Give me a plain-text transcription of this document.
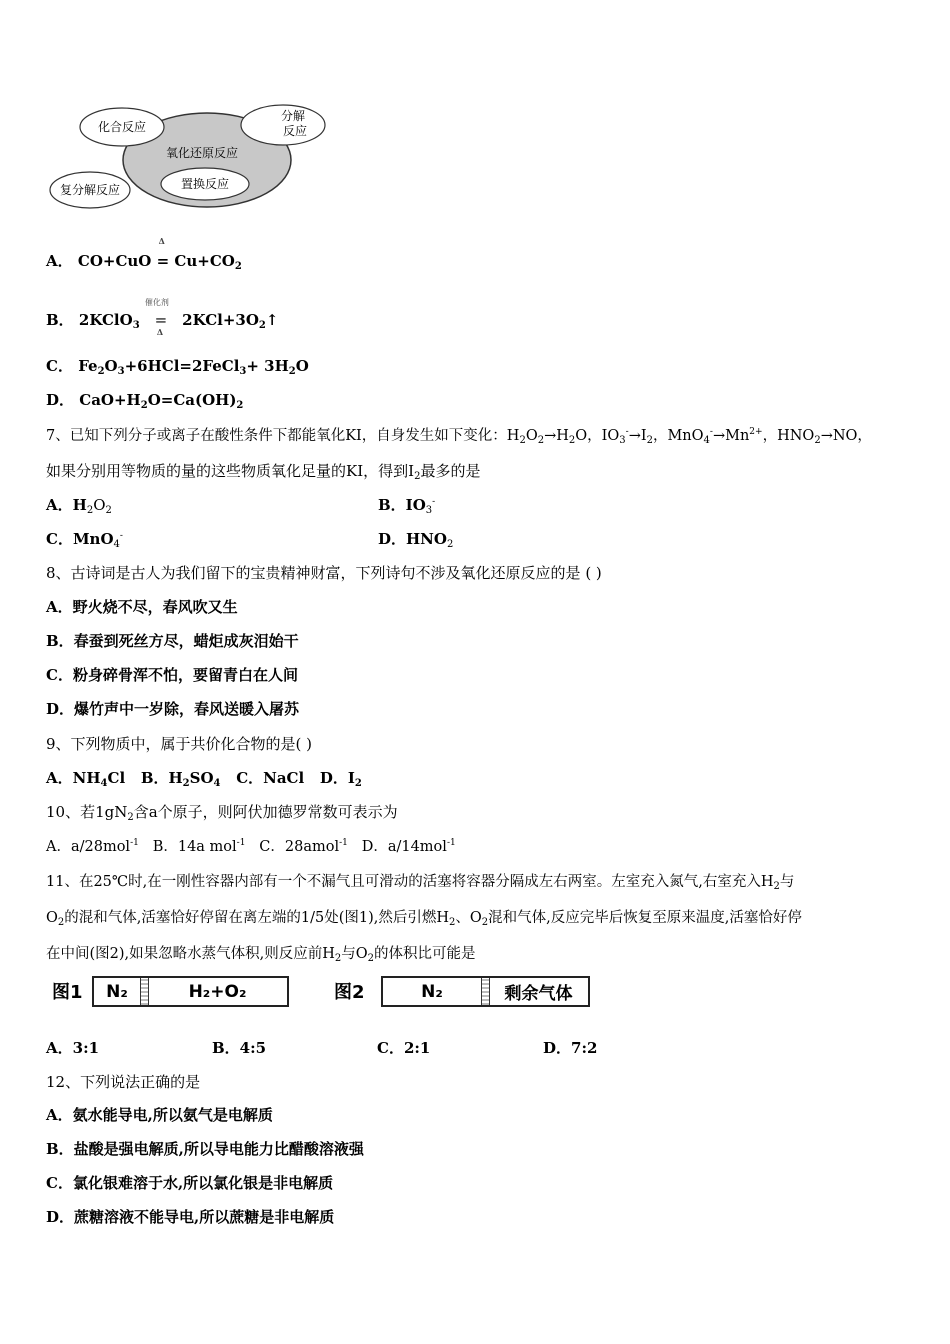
化合反应
分解
反应
氧化还原反应
置换反应
复分解反应
A． CO+CuO
Δ
= $Cu+CO_2$
B． 2KClO$_3$
催化剂
=
Δ
$2KCl+3O_2↑$
C． $Fe_2O_3+6HCl=2FeCl_3+ 3H_2O$
D． $CaO+H_2O=Ca(OH)_2$
7、已知下列分子或离子在酸性条件下都能氧化KI，自身发生如下变化：$H_2O_2\to H_2O$，$IO_3^-\to I_2$，$MnO_4^-\to Mn^{2+}$，$HNO_2\to NO$，
如果分别用等物质的量的这些物质氧化足量的KI，得到$I_2$最多的是
A．$H_2O_2$	B．$IO_3^-$
C．MnO$_4$-	D．$HNO_2$
8、古诗词是古人为我们留下的宝贵精神财富，下列诗句不涉及氧化还原反应的是 ( )
A．野火烧不尽，春风吹又生
B．春蚕到死丝方尽，蜡炬成灰泪始干
C．粉身碎骨浑不怕，要留青白在人间
D．爆竹声中一岁除，春风送暖入屠苏
9、下列物质中，属于共价化合物的是( )
A．$NH_4Cl$ B．$H_2SO_4$ C．NaCl D．$I_2$
10、若$1gN_2$含a个原子，则阿伏加德罗常数可表示为
A．a/28mol$^{-1}$ B．14a mol$^{-1}$ C．28amol$^{-1}$ D．a/14mol$^{-1}$
11、在25℃时,在一刚性容器内部有一个不漏气且可滑动的活塞将容器分隔成左右两室。左室充入氮气,右室充入$H_2$与
$O_2$的混和气体,活塞恰好停留在离左端的1/5处(图1),然后引燃$H_2$、$O_2$混和气体,反应完毕后恢复至原来温度,活塞恰好停
在中间(图2),如果忽略水蒸气体积,则反应前$H_2$与$O_2$的体积比可能是
图1	N₂	H₂+O₂	图2	N₂	剩余气体
A．3:1	B．4:5	C．2:1	D．7:2
12、下列说法正确的是
A．氨水能导电,所以氨气是电解质
B．盐酸是强电解质,所以导电能力比醋酸溶液强
C．氯化银难溶于水,所以氯化银是非电解质
D．蔗糖溶液不能导电,所以蔗糖是非电解质
